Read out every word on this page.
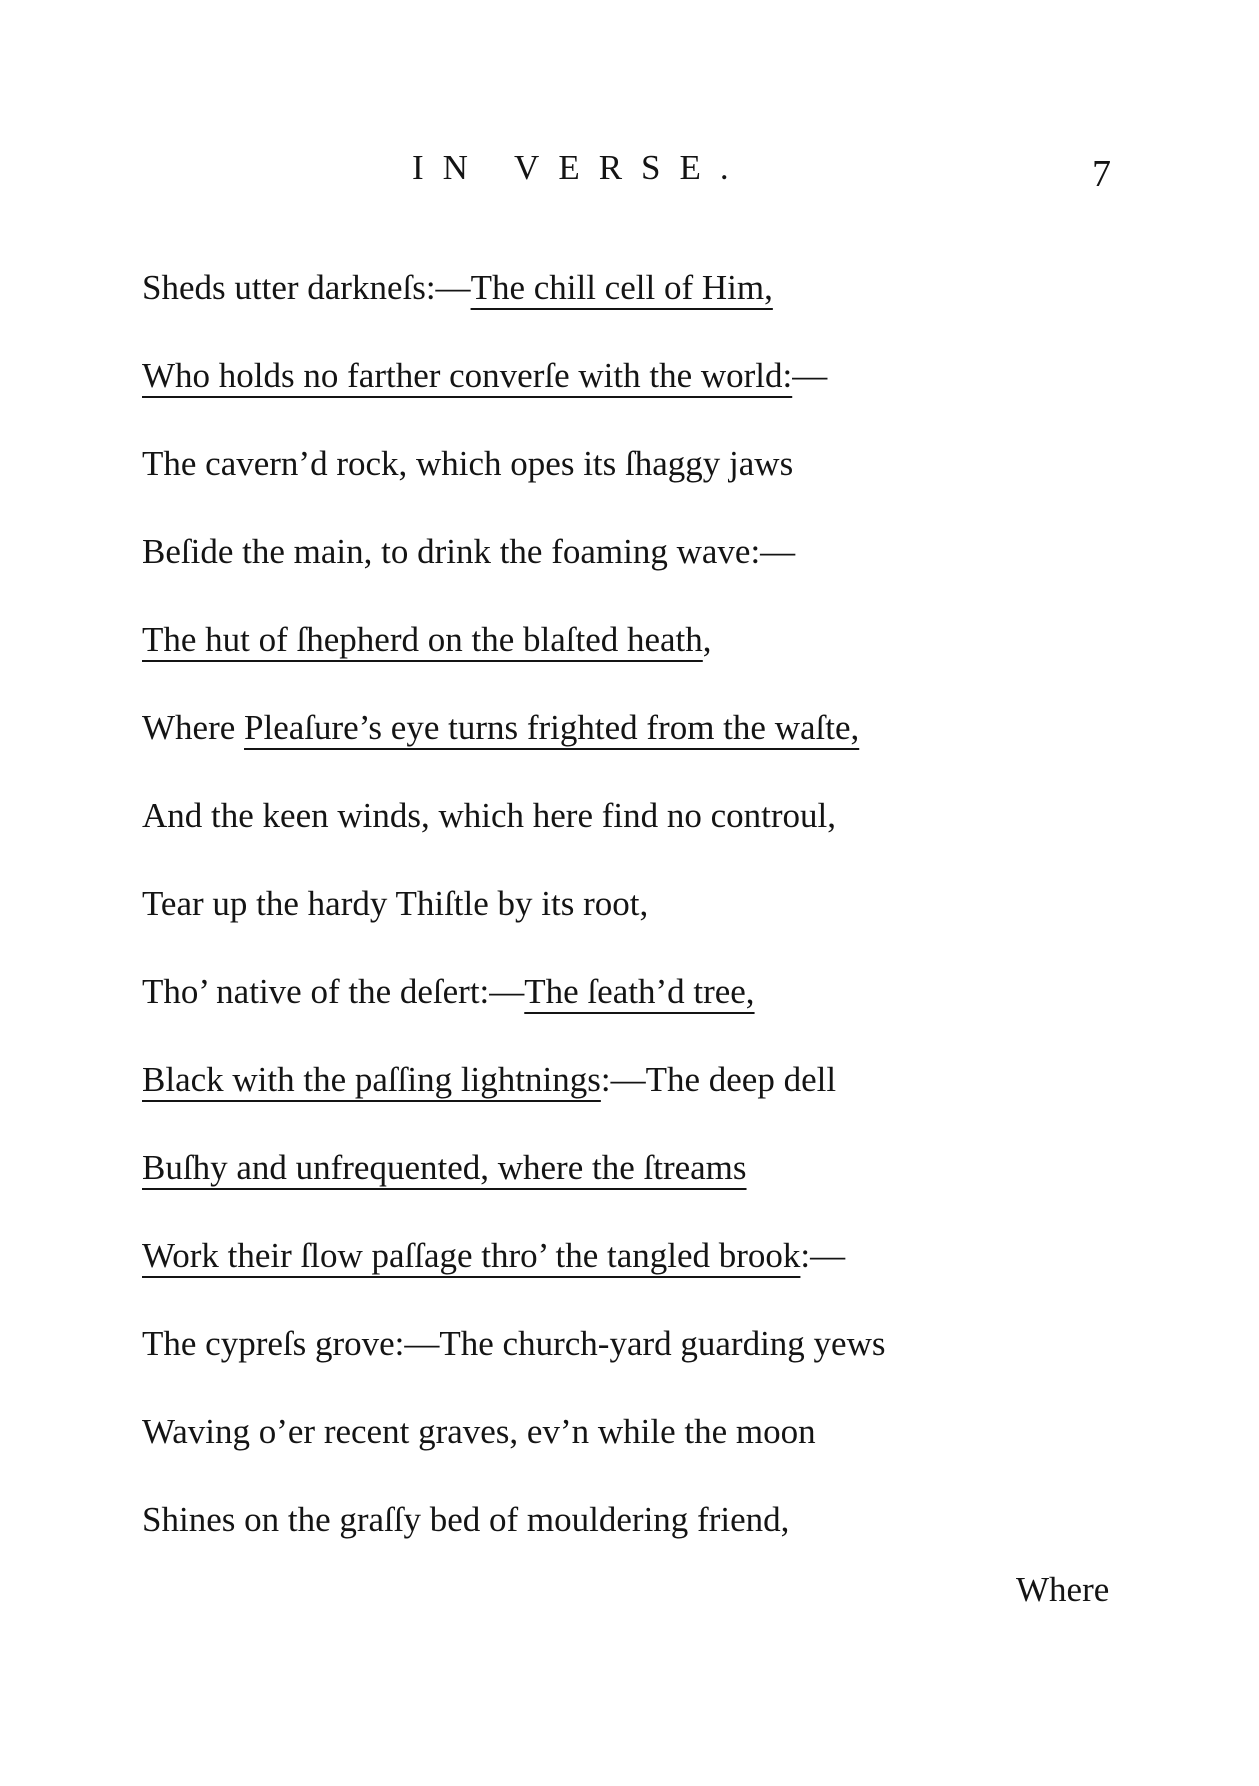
IN VERSE.	7
Sheds utter darkneſs:—The chill cell of Him,
Who holds no farther converſe with the world:—
The cavern’d rock, which opes its ſhaggy jaws
Beſide the main, to drink the foaming wave:—
The hut of ſhepherd on the blaſted heath,
Where Pleaſure’s eye turns frighted from the waſte,
And the keen winds, which here find no controul,
Tear up the hardy Thiſtle by its root,
Tho’ native of the deſert:—The ſeath’d tree,
Black with the paſſing lightnings:—The deep dell
Buſhy and unfrequented, where the ſtreams
Work their ſlow paſſage thro’ the tangled brook:—
The cypreſs grove:—The church-yard guarding yews
Waving o’er recent graves, ev’n while the moon
Shines on the graſſy bed of mouldering friend,
Where
